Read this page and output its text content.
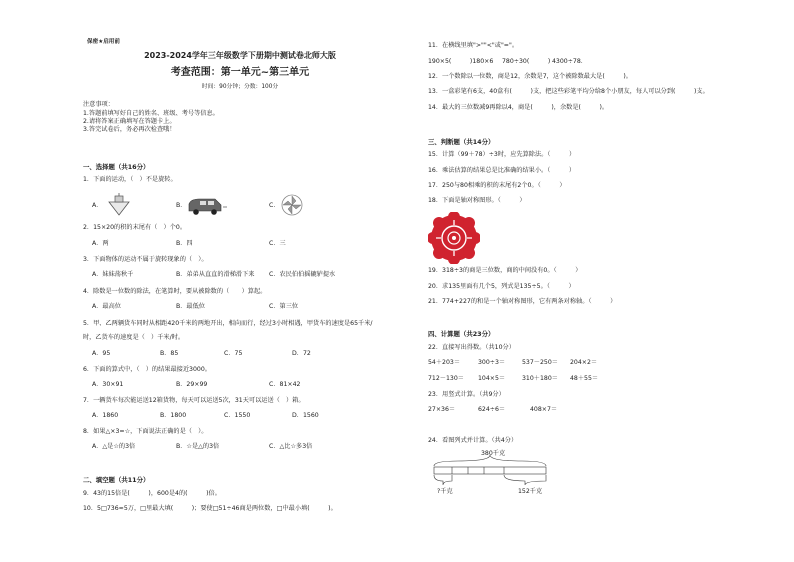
保密★启用前
2023-2024学年三年级数学下册期中测试卷北师大版
考查范围：第一单元~第三单元
时间：90分钟；分数：100分
注意事项：
1.答题前填写好自己的姓名、班级、考号等信息。
2.请将答案正确填写在答题卡上。
3.答完试卷后，务必再次检查哦！
一、选择题（共16分）
1．下面的运动，（　）不是旋转。
A．	B．	C．
2．15×20的积的末尾有（　）个0。
A．两	B．四	C．三
3．下面物体的运动不属于旋转现象的（　）。
A．妹妹荡秋千	B．弟弟从直直的滑梯滑下来 C．农民伯伯摇辘轳提水
4．除数是一位数的除法，在笔算时，要从被除数的（　　）算起。
A．最高位	B．最低位	C．第三位
5．甲、乙两辆货车同时从相距420千米的两地开出，相向而行，经过3小时相遇，甲货车的速度是65千米/
时，乙货车的速度是（　）千米/时。
A．95	B．85	C．75	D．72
6．下面的算式中，（　）的结果最接近3000。
A．30×91	B．29×99	C．81×42
7．一辆货车每次能运送12箱货物，每天可以运送5次，31天可以运送（　）箱。
A．1860	B．1800	C．1550	D．1560
8．如果△×3=☆，下面说法正确的是（　）。
A．△是☆的3倍	B．☆是△的3倍	C．△比☆多3倍
二、填空题（共11分）
9．43的15倍是(　　　)，600是4的(　　　)倍。
10．5□736≈5万，□里最大填(　　　)；要使□51÷46商是两位数，□中最小填(　　　)。
11．在横线里填">""<"或"="。
190×5(　　　)180×6 780÷30(　　　) 4300÷78．
12．一个数除以一位数，商是12，余数是7，这个被除数最大是(　　　)。
13．一盒彩笔有6支，40盒有(　　　)支，把这些彩笔平均分给8个小朋友，每人可以分到(　　　)支。
14．最大的三位数减9再除以4，商是(　　　)，余数是(　　　)。
三、判断题（共14分）
15．计算（99＋78）÷3时，应先算除法。（　　　）
16．乘法估算的结果总是比准确的结果小。（　　　）
17．250与80相乘的积的末尾有2个0。（　　　）
18．下面是轴对称图形。（　　　）
19．318÷3的商是三位数，商的中间没有0。（　　　）
20．求135里面有几个5，列式是135÷5。（　　　）
21．774+227的和是一个轴对称图形，它有两条对称轴。（　　　）
四、计算题（共23分）
22．直接写出得数。（共10分）
54＋203＝	300÷3＝	537－250＝ 204×2＝
712－130＝ 104×5＝	310＋180＝ 48＋55＝
23．用竖式计算。（共9分）
27×36＝	624÷6＝	408×7＝
24．看图列式并计算。（共4分）
380千克
?千克	152千克
